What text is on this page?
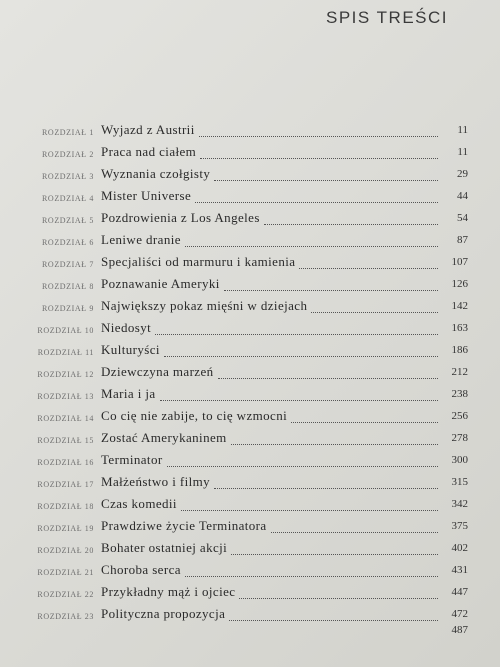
SPIS TREŚCI
ROZDZIAŁ 1 Wyjazd z Austrii	11
ROZDZIAŁ 2 Praca nad ciałem	11
ROZDZIAŁ 3 Wyznania czołgisty	29
ROZDZIAŁ 4 Mister Universe	44
ROZDZIAŁ 5 Pozdrowienia z Los Angeles	54
ROZDZIAŁ 6 Leniwe dranie	87
ROZDZIAŁ 7 Specjaliści od marmuru i kamienia	107
ROZDZIAŁ 8 Poznawanie Ameryki	126
ROZDZIAŁ 9 Największy pokaz mięśni w dziejach	142
ROZDZIAŁ 10 Niedosyt	163
ROZDZIAŁ 11 Kulturyści	186
ROZDZIAŁ 12 Dziewczyna marzeń	212
ROZDZIAŁ 13 Maria i ja	238
ROZDZIAŁ 14 Co cię nie zabije, to cię wzmocni	256
ROZDZIAŁ 15 Zostać Amerykaninem	278
ROZDZIAŁ 16 Terminator	300
ROZDZIAŁ 17 Małżeństwo i filmy	315
ROZDZIAŁ 18 Czas komedii	342
ROZDZIAŁ 19 Prawdziwe życie Terminatora	375
ROZDZIAŁ 20 Bohater ostatniej akcji	402
ROZDZIAŁ 21 Choroba serca	431
ROZDZIAŁ 22 Przykładny mąż i ojciec	447
ROZDZIAŁ 23 Polityczna propozycja	472
487
